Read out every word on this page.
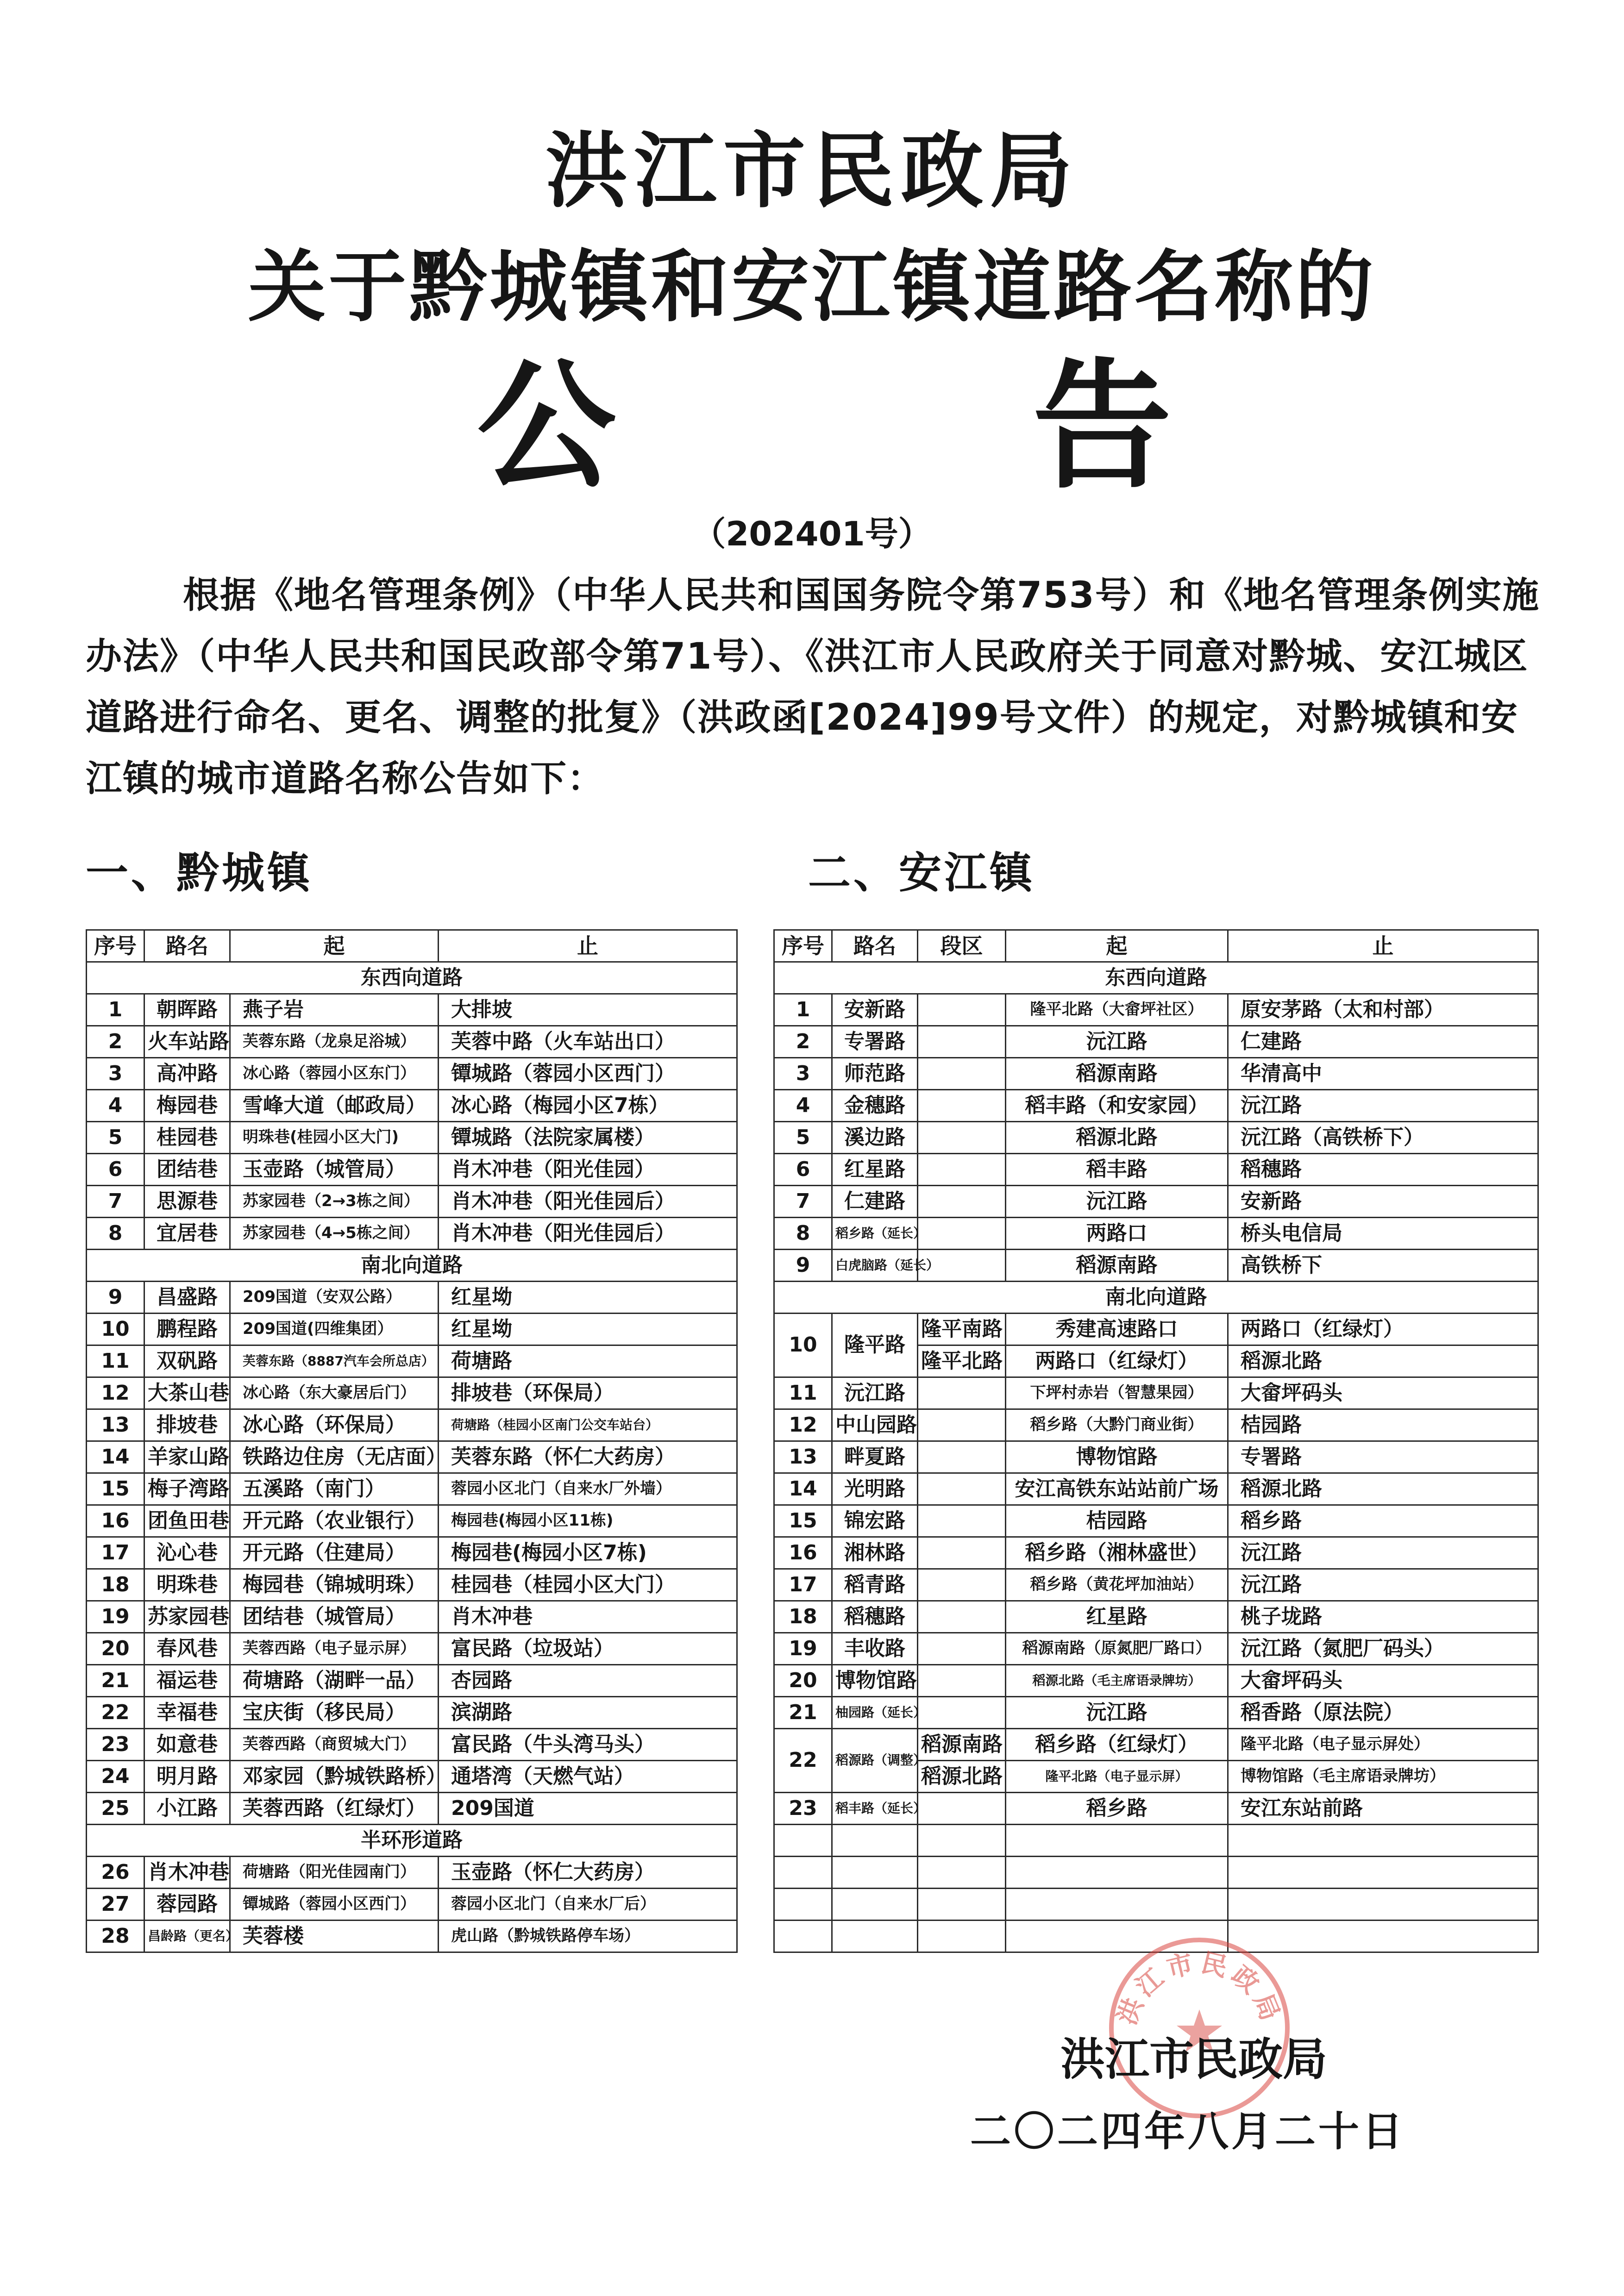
洪江市民政局
关于黔城镇和安江镇道路名称的
公	告
（202401号）
根据《地名管理条例》（中华人民共和国国务院令第753号）和《地名管理条例实施办法》（中华人民共和国民政部令第71号）、《洪江市人民政府关于同意对黔城、安江城区道路进行命名、更名、调整的批复》（洪政函[2024]99号文件）的规定，对黔城镇和安江镇的城市道路名称公告如下：
一、黔城镇	二、安江镇
序号	路名	起	止
东西向道路			
1	朝晖路	燕子岩	大排坡
2	火车站路	芙蓉东路（龙泉足浴城）	芙蓉中路（火车站出口）
3	高冲路	冰心路（蓉园小区东门）	镡城路（蓉园小区西门）
4	梅园巷	雪峰大道（邮政局）	冰心路（梅园小区7栋）
5	桂园巷	明珠巷(桂园小区大门)	镡城路（法院家属楼）
6	团结巷	玉壶路（城管局）	肖木冲巷（阳光佳园）
7	思源巷	苏家园巷（2→3栋之间）	肖木冲巷（阳光佳园后）
8	宜居巷	苏家园巷（4→5栋之间）	肖木冲巷（阳光佳园后）
南北向道路			
9	昌盛路	209国道（安双公路）	红星坳
10	鹏程路	209国道(四维集团）	红星坳
11	双矾路	芙蓉东路（8887汽车会所总店）	荷塘路
12	大茶山巷	冰心路（东大豪居后门）	排坡巷（环保局）
13	排坡巷	冰心路（环保局）	荷塘路（桂园小区南门公交车站台）
14	羊家山路	铁路边住房（无店面）	芙蓉东路（怀仁大药房）
15	梅子湾路	五溪路（南门）	蓉园小区北门（自来水厂外墙）
16	团鱼田巷	开元路（农业银行）	梅园巷(梅园小区11栋)
17	沁心巷	开元路（住建局）	梅园巷(梅园小区7栋)
18	明珠巷	梅园巷（锦城明珠）	桂园巷（桂园小区大门）
19	苏家园巷	团结巷（城管局）	肖木冲巷
20	春风巷	芙蓉西路（电子显示屏）	富民路（垃圾站）
21	福运巷	荷塘路（湖畔一品）	杏园路
22	幸福巷	宝庆街（移民局）	滨湖路
23	如意巷	芙蓉西路（商贸城大门）	富民路（牛头湾马头）
24	明月路	邓家园（黔城铁路桥）	通塔湾（天燃气站）
25	小江路	芙蓉西路（红绿灯）	209国道
半环形道路			
26	肖木冲巷	荷塘路（阳光佳园南门）	玉壶路（怀仁大药房）
27	蓉园路	镡城路（蓉园小区西门）	蓉园小区北门（自来水厂后）
28	昌龄路（更名）	芙蓉楼	虎山路（黔城铁路停车场）
序号	路名	段区	起	止
东西向道路				
1	安新路		隆平北路（大畲坪社区）	原安茅路（太和村部）
2	专署路		沅江路	仁建路
3	师范路		稻源南路	华清高中
4	金穗路		稻丰路（和安家园）	沅江路
5	溪边路		稻源北路	沅江路（高铁桥下）
6	红星路		稻丰路	稻穗路
7	仁建路		沅江路	安新路
8	稻乡路（延长）		两路口	桥头电信局
9	白虎脑路（延长）		稻源南路	高铁桥下
南北向道路				
10	隆平路	隆平南路	秀建高速路口	两路口（红绿灯）
		隆平北路	两路口（红绿灯）	稻源北路
11	沅江路		下坪村赤岩（智慧果园）	大畲坪码头
12	中山园路		稻乡路（大黔门商业街）	桔园路
13	畔夏路		博物馆路	专署路
14	光明路		安江高铁东站站前广场	稻源北路
15	锦宏路		桔园路	稻乡路
16	湘林路		稻乡路（湘林盛世）	沅江路
17	稻青路		稻乡路（黄花坪加油站）	沅江路
18	稻穗路		红星路	桃子垅路
19	丰收路		稻源南路（原氮肥厂路口）	沅江路（氮肥厂码头）
20	博物馆路		稻源北路（毛主席语录牌坊）	大畲坪码头
21	柚园路（延长）		沅江路	稻香路（原法院）
22	稻源路（调整）	稻源南路	稻乡路（红绿灯）	隆平北路（电子显示屏处）
		稻源北路	隆平北路（电子显示屏）	博物馆路（毛主席语录牌坊）
23	稻丰路（延长）		稻乡路	安江东站前路

洪江市民政局
洪江市民政局
二〇二四年八月二十日
